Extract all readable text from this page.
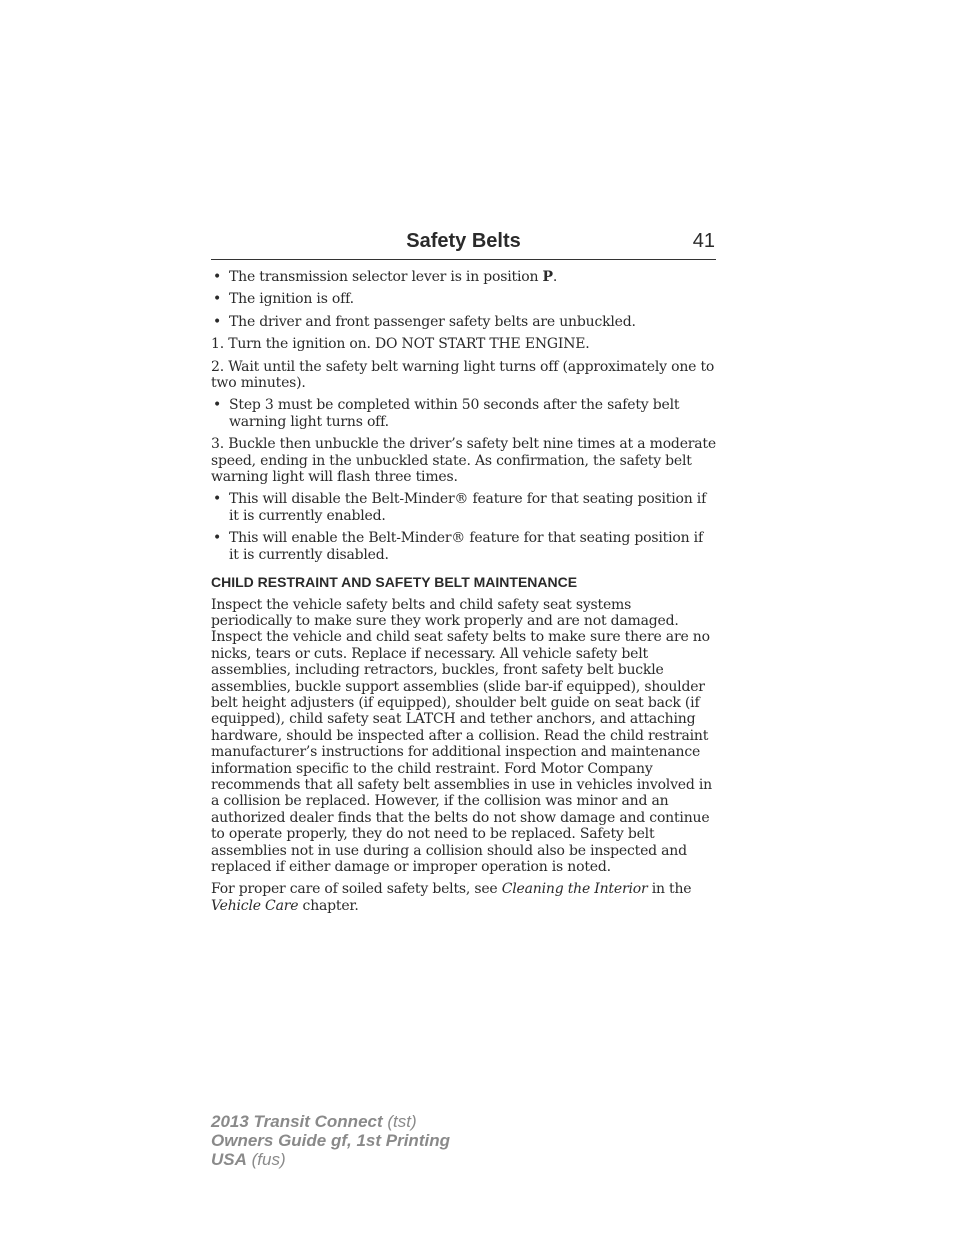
Safety Belts	41
• The transmission selector lever is in position P.
• The ignition is off.
• The driver and front passenger safety belts are unbuckled.
1. Turn the ignition on. DO NOT START THE ENGINE.
2. Wait until the safety belt warning light turns off (approximately one to two minutes).
• Step 3 must be completed within 50 seconds after the safety belt warning light turns off.
3. Buckle then unbuckle the driver’s safety belt nine times at a moderate speed, ending in the unbuckled state. As confirmation, the safety belt warning light will flash three times.
• This will disable the Belt-Minder® feature for that seating position if it is currently enabled.
• This will enable the Belt-Minder® feature for that seating position if it is currently disabled.
CHILD RESTRAINT AND SAFETY BELT MAINTENANCE
Inspect the vehicle safety belts and child safety seat systems periodically to make sure they work properly and are not damaged. Inspect the vehicle and child seat safety belts to make sure there are no nicks, tears or cuts. Replace if necessary. All vehicle safety belt assemblies, including retractors, buckles, front safety belt buckle assemblies, buckle support assemblies (slide bar-if equipped), shoulder belt height adjusters (if equipped), shoulder belt guide on seat back (if equipped), child safety seat LATCH and tether anchors, and attaching hardware, should be inspected after a collision. Read the child restraint manufacturer’s instructions for additional inspection and maintenance information specific to the child restraint. Ford Motor Company recommends that all safety belt assemblies in use in vehicles involved in a collision be replaced. However, if the collision was minor and an authorized dealer finds that the belts do not show damage and continue to operate properly, they do not need to be replaced. Safety belt assemblies not in use during a collision should also be inspected and replaced if either damage or improper operation is noted.
For proper care of soiled safety belts, see Cleaning the Interior in the Vehicle Care chapter.
2013 Transit Connect (tst)
Owners Guide gf, 1st Printing
USA (fus)
